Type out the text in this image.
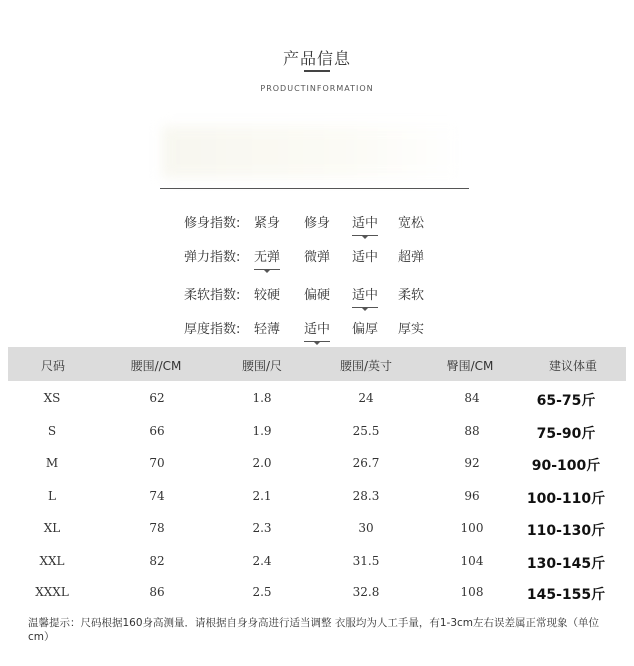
产品信息
PRODUCTINFORMATION
修身指数: 紧身 修身 适中 宽松
弹力指数: 无弹 微弹 适中 超弹
柔软指数: 较硬 偏硬 适中 柔软
厚度指数: 轻薄 适中 偏厚 厚实
尺码	腰围//CM	腰围/尺	腰围/英寸	臀围/CM	建议体重
XS	62	1.8	24	84	65-75斤
S	66	1.9	25.5	88	75-90斤
M	70	2.0	26.7	92	90-100斤
L	74	2.1	28.3	96	100-110斤
XL	78	2.3	30	100	110-130斤
XXL	82	2.4	31.5	104	130-145斤
XXXL	86	2.5	32.8	108	145-155斤
温馨提示：尺码根据160身高测量．请根据自身身高进行适当调整 衣服均为人工手量，有1-3cm左右误差属正常现象（单位cm）
